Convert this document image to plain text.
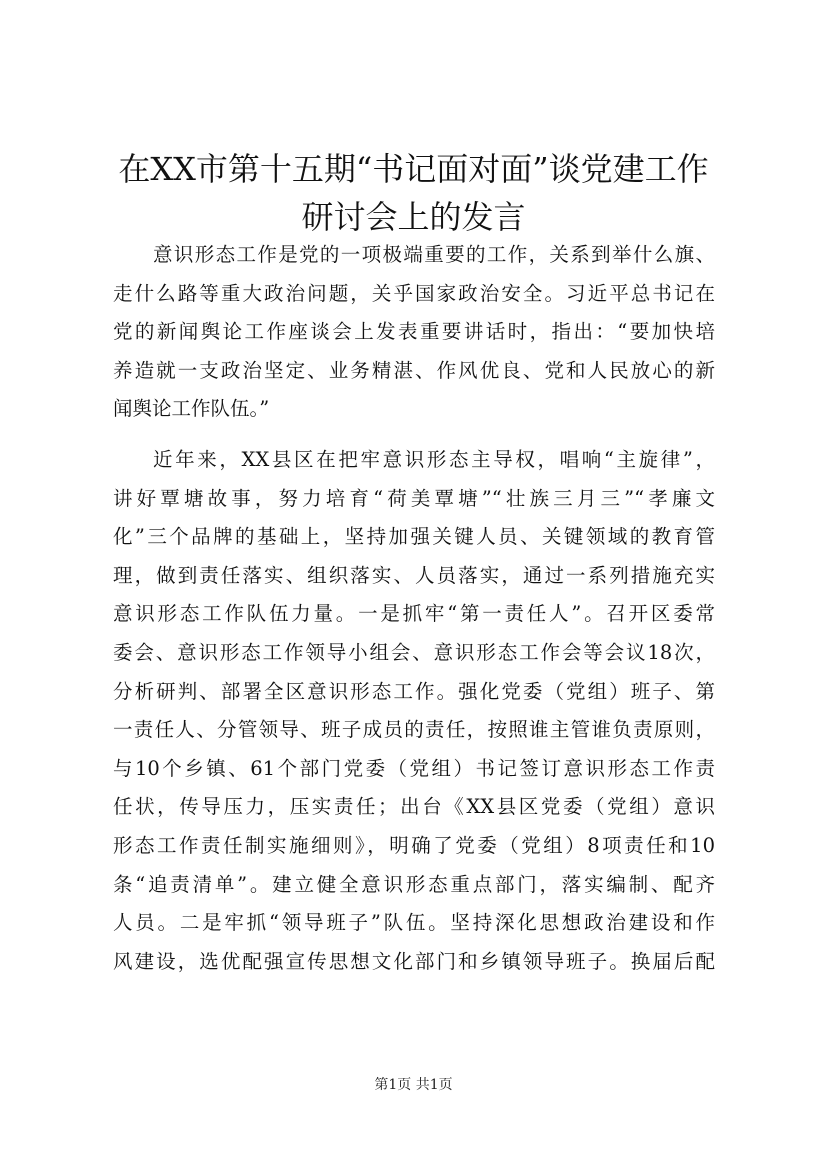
在XX市第十五期“书记面对面”谈党建工作
研讨会上的发言
意识形态工作是党的一项极端重要的工作，关系到举什么旗、
走什么路等重大政治问题，关乎国家政治安全。习近平总书记在
党的新闻舆论工作座谈会上发表重要讲话时，指出：“要加快培
养造就一支政治坚定、业务精湛、作风优良、党和人民放心的新
闻舆论工作队伍。”
近年来，XX县区在把牢意识形态主导权，唱响“主旋律”，
讲好覃塘故事，努力培育“荷美覃塘”“壮族三月三”“孝廉文
化”三个品牌的基础上，坚持加强关键人员、关键领域的教育管
理，做到责任落实、组织落实、人员落实，通过一系列措施充实
意识形态工作队伍力量。一是抓牢“第一责任人”。召开区委常
委会、意识形态工作领导小组会、意识形态工作会等会议18次，
分析研判、部署全区意识形态工作。强化党委（党组）班子、第
一责任人、分管领导、班子成员的责任，按照谁主管谁负责原则，
与10个乡镇、61个部门党委（党组）书记签订意识形态工作责
任状，传导压力，压实责任；出台《XX县区党委（党组）意识
形态工作责任制实施细则》，明确了党委（党组）8项责任和10
条“追责清单”。建立健全意识形态重点部门，落实编制、配齐
人员。二是牢抓“领导班子”队伍。坚持深化思想政治建设和作
风建设，选优配强宣传思想文化部门和乡镇领导班子。换届后配
第1页 共1页
